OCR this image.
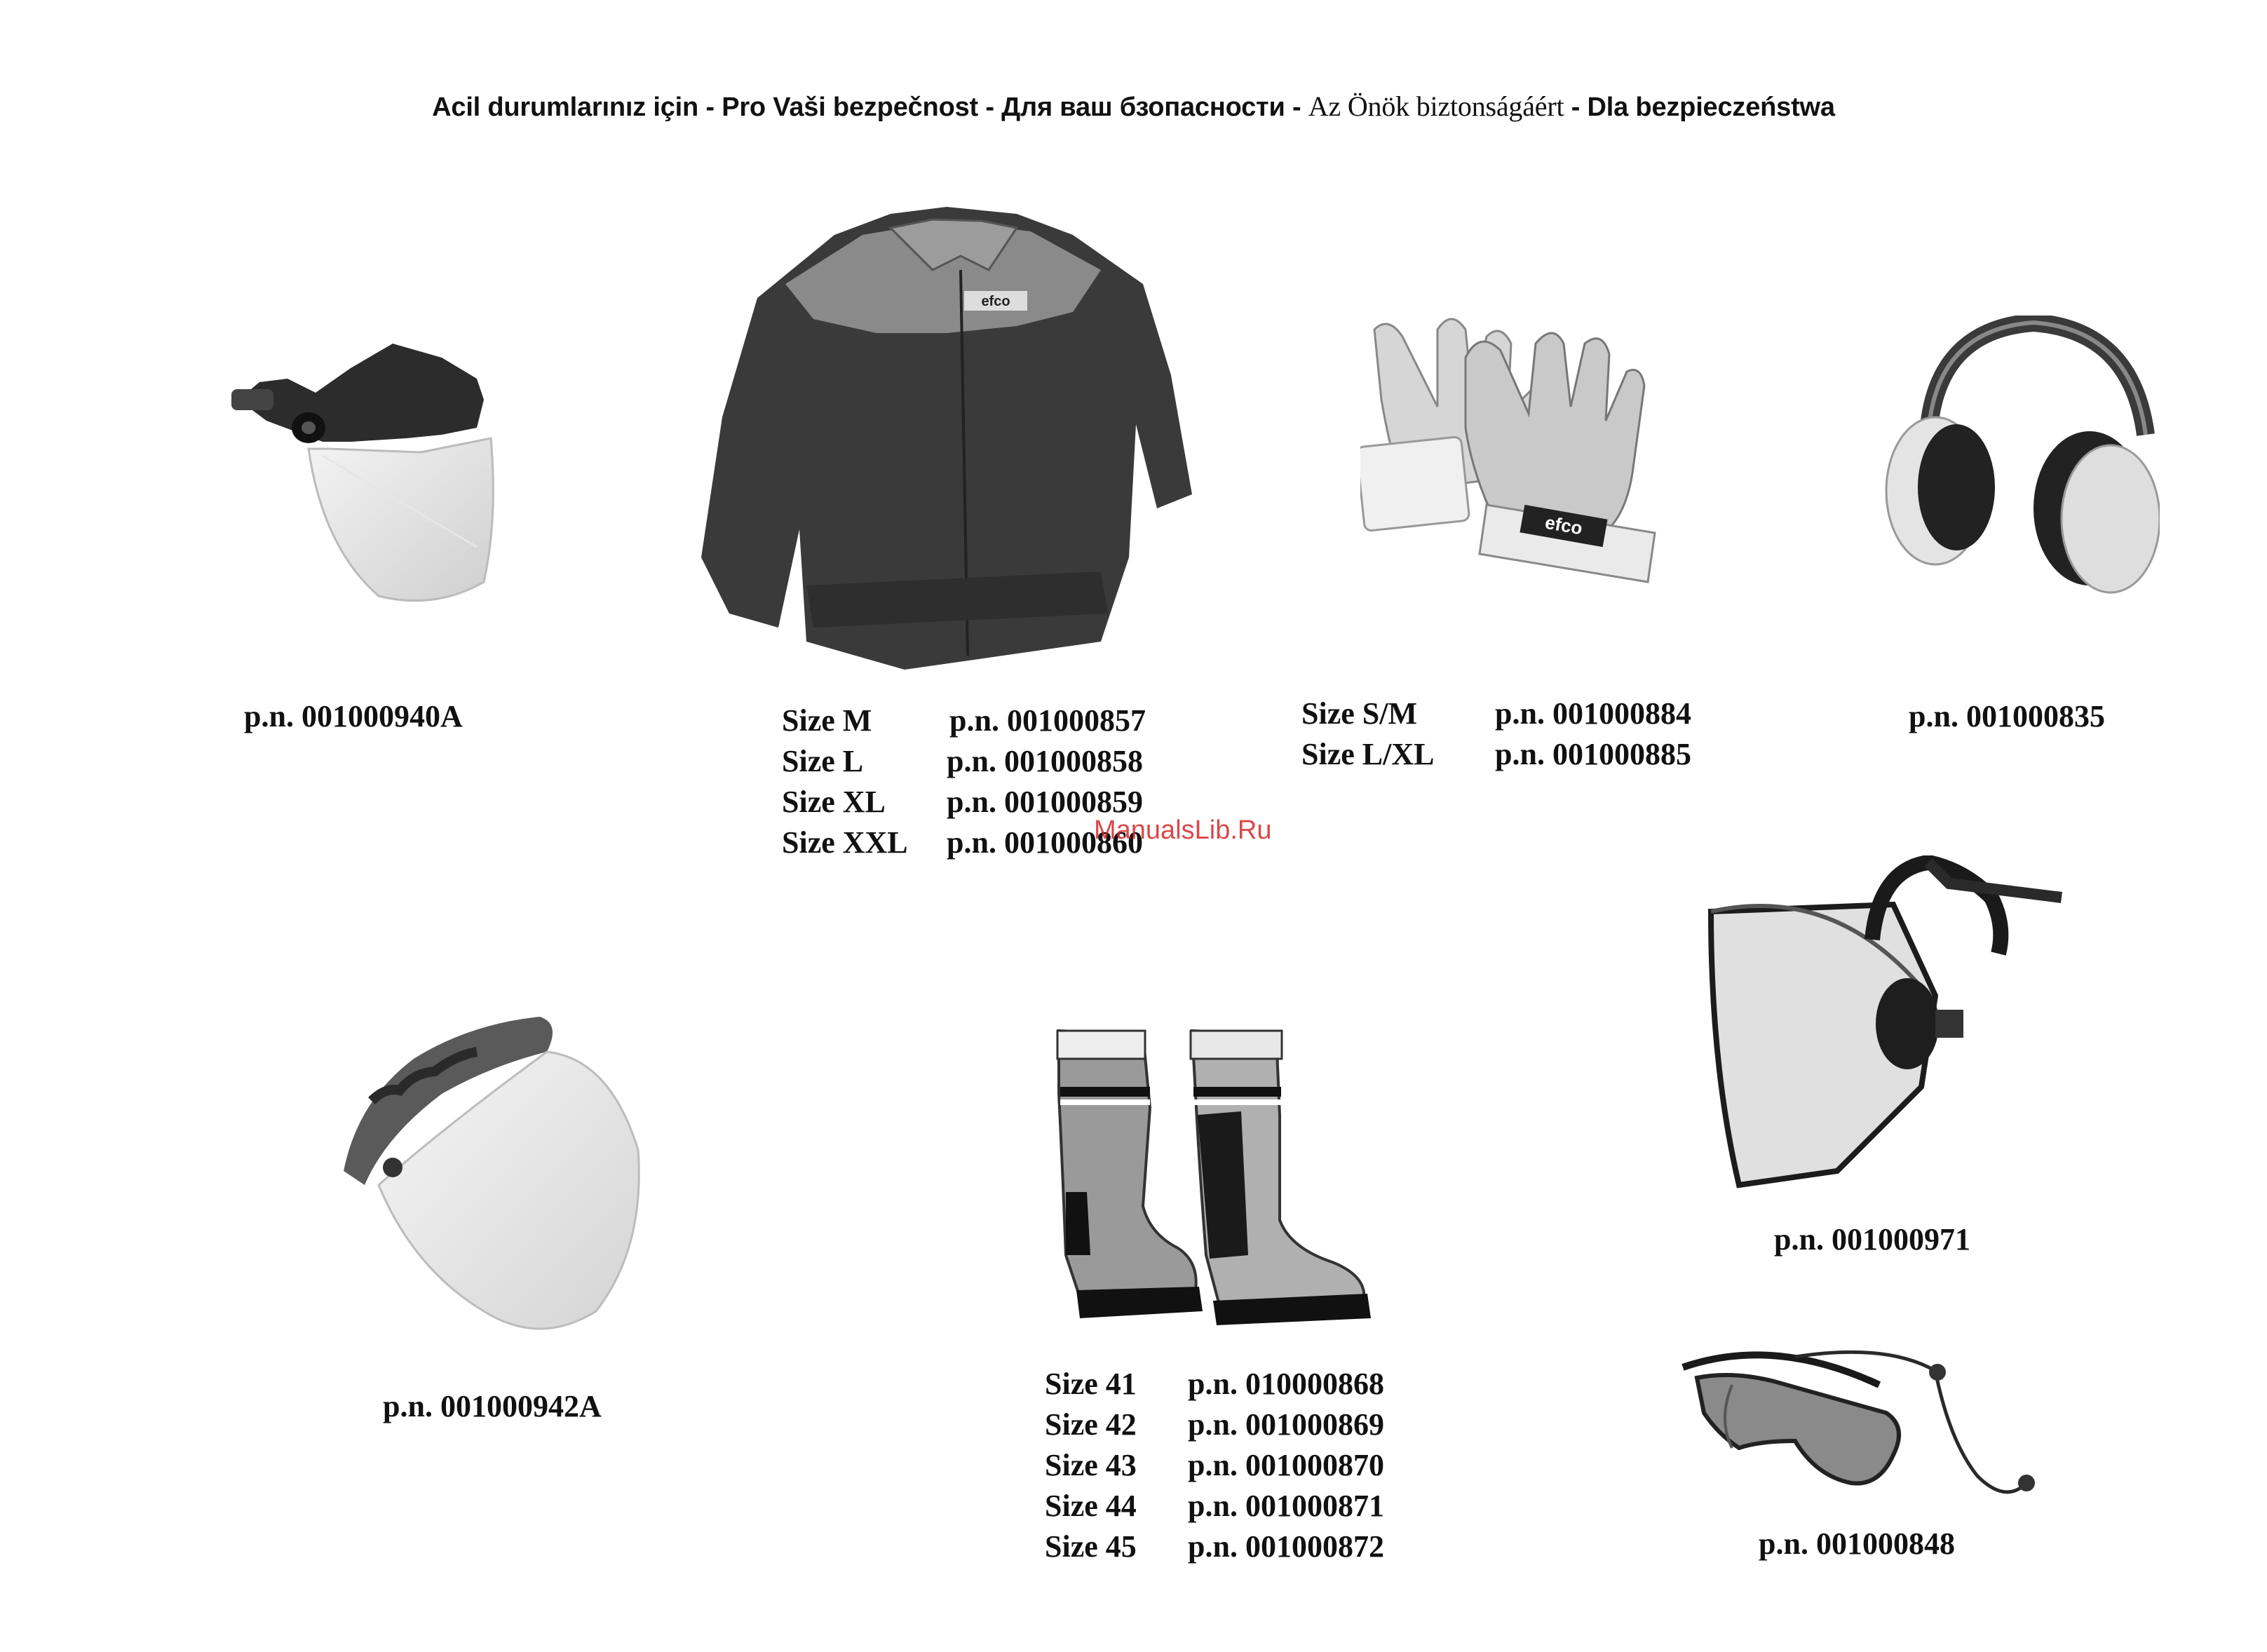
Acil durumlarınız için - Pro Vaši bezpečnost - Для ваш бзопасности - Az Önök biztonságáért - Dla bezpieczeństwa
p.n. 001000940A
efco
Size M	p.n. 001000857
Size L	p.n. 001000858
Size XL p.n. 001000859
Size XXL p.n. 001000860
ManualsLib.Ru
efco
Size S/M	p.n. 001000884
Size L/XL p.n. 001000885
p.n. 001000835
p.n. 001000942A
Size 41 p.n. 010000868
Size 42 p.n. 001000869
Size 43 p.n. 001000870
Size 44 p.n. 001000871
Size 45 p.n. 001000872
p.n. 001000971
p.n. 001000848
